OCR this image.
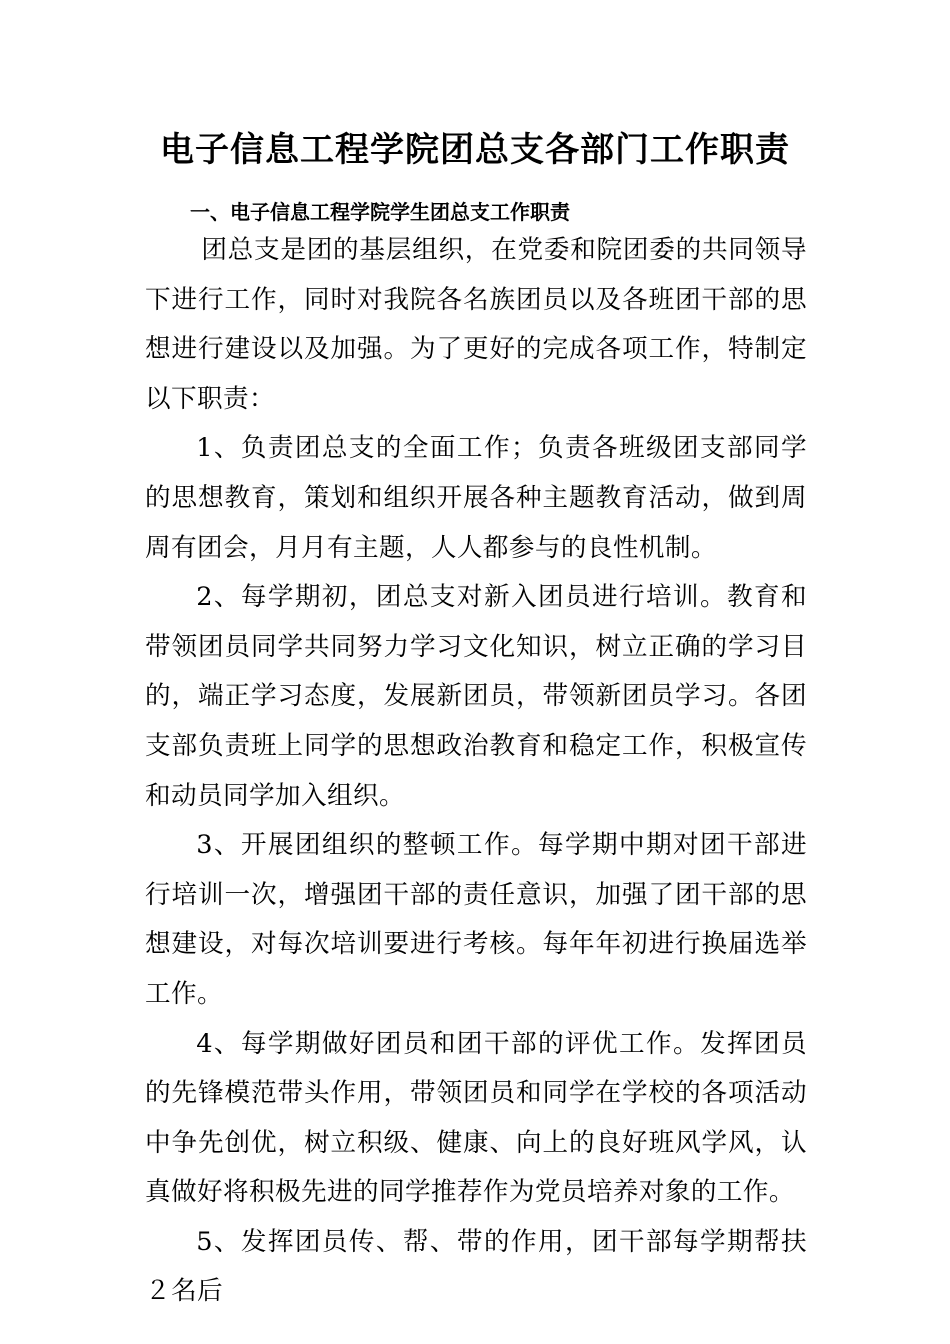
电子信息工程学院团总支各部门工作职责
一、电子信息工程学院学生团总支工作职责

团总支是团的基层组织，在党委和院团委的共同领导下进行工作，同时对我院各名族团员以及各班团干部的思想进行建设以及加强。为了更好的完成各项工作，特制定以下职责：

1、负责团总支的全面工作；负责各班级团支部同学的思想教育，策划和组织开展各种主题教育活动，做到周周有团会，月月有主题，人人都参与的良性机制。

2、每学期初，团总支对新入团员进行培训。教育和带领团员同学共同努力学习文化知识，树立正确的学习目的，端正学习态度，发展新团员，带领新团员学习。各团支部负责班上同学的思想政治教育和稳定工作，积极宣传和动员同学加入组织。

3、开展团组织的整顿工作。每学期中期对团干部进行培训一次，增强团干部的责任意识，加强了团干部的思想建设，对每次培训要进行考核。每年年初进行换届选举工作。

4、每学期做好团员和团干部的评优工作。发挥团员的先锋模范带头作用，带领团员和同学在学校的各项活动中争先创优，树立积级、健康、向上的良好班风学风，认真做好将积极先进的同学推荐作为党员培养对象的工作。

5、发挥团员传、帮、带的作用，团干部每学期帮扶２名后
